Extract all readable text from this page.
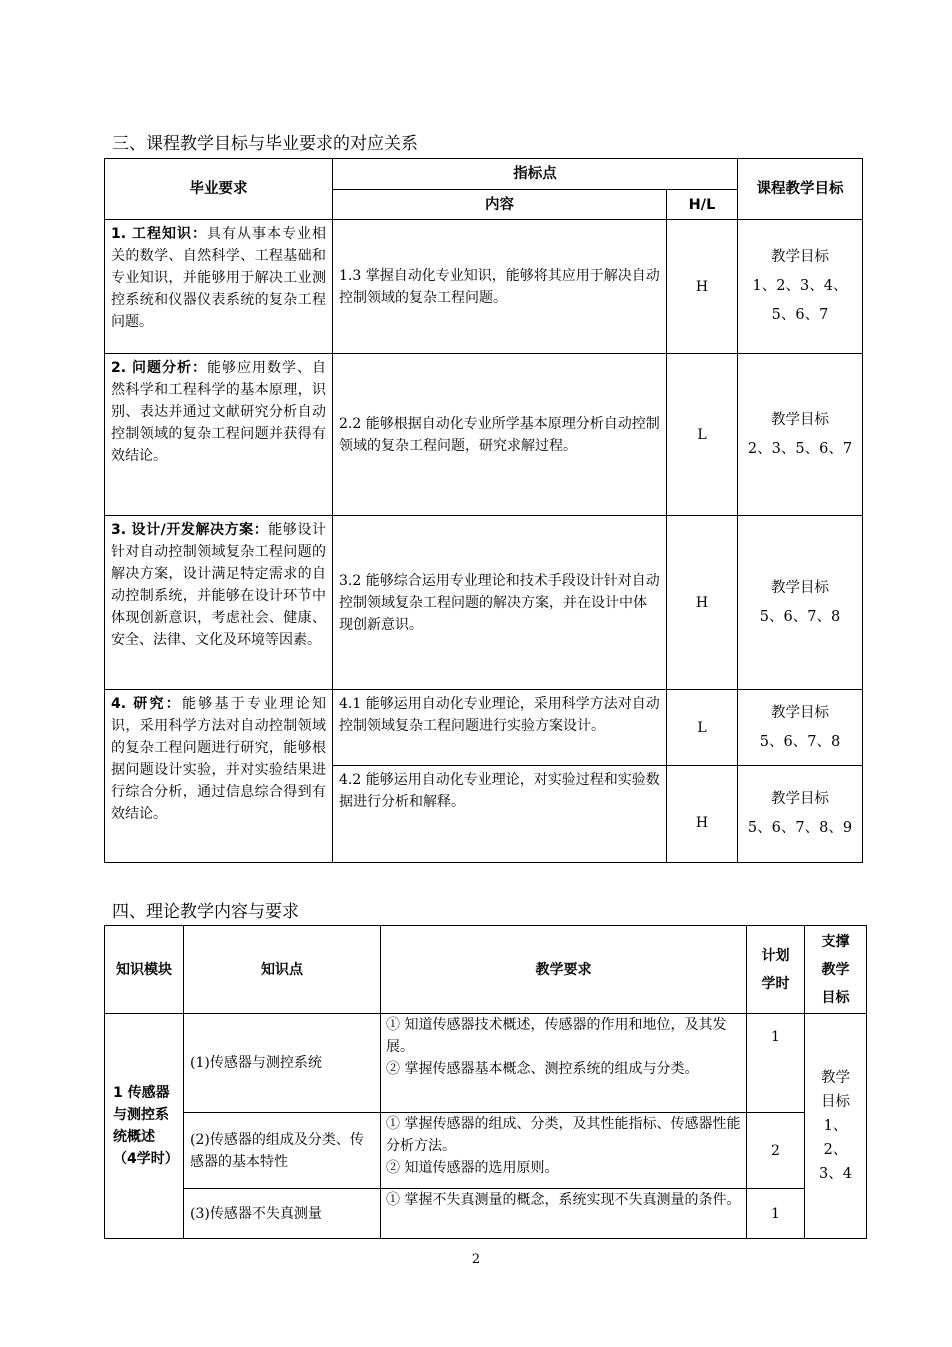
三、课程教学目标与毕业要求的对应关系
毕业要求	指标点		课程教学目标
	内容	H/L	
1. 工程知识：具有从事本专业相关的数学、自然科学、工程基础和专业知识，并能够用于解决工业测控系统和仪器仪表系统的复杂工程问题。	1.3 掌握自动化专业知识，能够将其应用于解决自动控制领域的复杂工程问题。	H	教学目标
1、2、3、4、5、6、7

2. 问题分析：能够应用数学、自然科学和工程科学的基本原理，识别、表达并通过文献研究分析自动控制领域的复杂工程问题并获得有效结论。	2.2 能够根据自动化专业所学基本原理分析自动控制领域的复杂工程问题，研究求解过程。	L	教学目标
2、3、5、6、7

3. 设计/开发解决方案：能够设计针对自动控制领域复杂工程问题的解决方案，设计满足特定需求的自动控制系统，并能够在设计环节中体现创新意识，考虑社会、健康、安全、法律、文化及环境等因素。	3.2 能够综合运用专业理论和技术手段设计针对自动控制领域复杂工程问题的解决方案，并在设计中体现创新意识。	H	教学目标
5、6、7、8

4. 研究：能够基于专业理论知识，采用科学方法对自动控制领域的复杂工程问题进行研究，能够根据问题设计实验，并对实验结果进行综合分析，通过信息综合得到有效结论。	4.1 能够运用自动化专业理论，采用科学方法对自动控制领域复杂工程问题进行实验方案设计。	L	教学目标
5、6、7、8

	4.2 能够运用自动化专业理论，对实验过程和实验数据进行分析和解释。	H	教学目标
5、6、7、8、9
四、理论教学内容与要求
知识模块	知识点	教学要求	计划学时	支撑教学目标
1 传感器与测控系统概述（4学时）	(1)传感器与测控系统	① 知道传感器技术概述，传感器的作用和地位，及其发展。
② 掌握传感器基本概念、测控系统的组成与分类。	1	教学目标1、2、3、4
	(2)传感器的组成及分类、传感器的基本特性	① 掌握传感器的组成、分类，及其性能指标、传感器性能分析方法。
② 知道传感器的选用原则。	2	
	(3)传感器不失真测量	① 掌握不失真测量的概念，系统实现不失真测量的条件。	1	
2
